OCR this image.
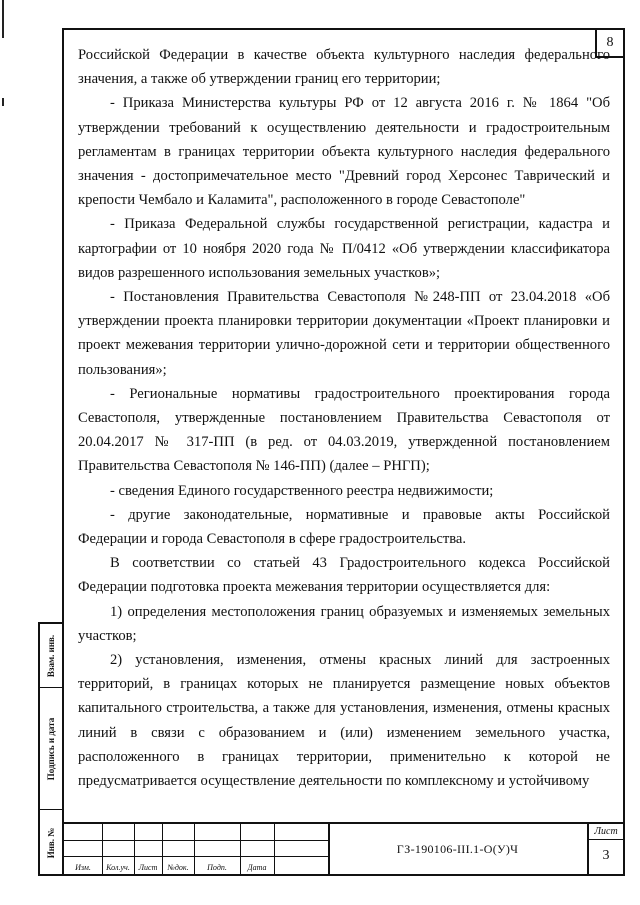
8

Российской Федерации в качестве объекта культурного наследия федерального значения, а также об утверждении границ его территории;

- Приказа Министерства культуры РФ от 12 августа 2016 г. № 1864 "Об утверждении требований к осуществлению деятельности и градостроительным регламентам в границах территории объекта культурного наследия федерального значения - достопримечательное место "Древний город Херсонес Таврический и крепости Чембало и Каламита", расположенного в городе Севастополе"

- Приказа Федеральной службы государственной регистрации, кадастра и картографии от 10 ноября 2020 года № П/0412 «Об утверждении классификатора видов разрешенного использования земельных участков»;

- Постановления Правительства Севастополя №248-ПП от 23.04.2018 «Об утверждении проекта планировки территории документации «Проект планировки и проект межевания территории улично-дорожной сети и территории общественного пользования»;

- Региональные нормативы градостроительного проектирования города Севастополя, утвержденные постановлением Правительства Севастополя от 20.04.2017 № 317-ПП (в ред. от 04.03.2019, утвержденной постановлением Правительства Севастополя № 146-ПП) (далее – РНГП);

- сведения Единого государственного реестра недвижимости;

- другие законодательные, нормативные и правовые акты Российской Федерации и города Севастополя в сфере градостроительства.

В соответствии со статьей 43 Градостроительного кодекса Российской Федерации подготовка проекта межевания территории осуществляется для:

1) определения местоположения границ образуемых и изменяемых земельных участков;

2) установления, изменения, отмены красных линий для застроенных территорий, в границах которых не планируется размещение новых объектов капитального строительства, а также для установления, изменения, отмены красных линий в связи с образованием и (или) изменением земельного участка, расположенного в границах территории, применительно к которой не предусматривается осуществление деятельности по комплексному и устойчивому

Изм.	Кол.уч.	Лист	№док.	Подп.	Дата
ГЗ-190106-III.1-О(У)Ч
Лист
3
Взам. инв.
Подпись и дата
Инв. №
